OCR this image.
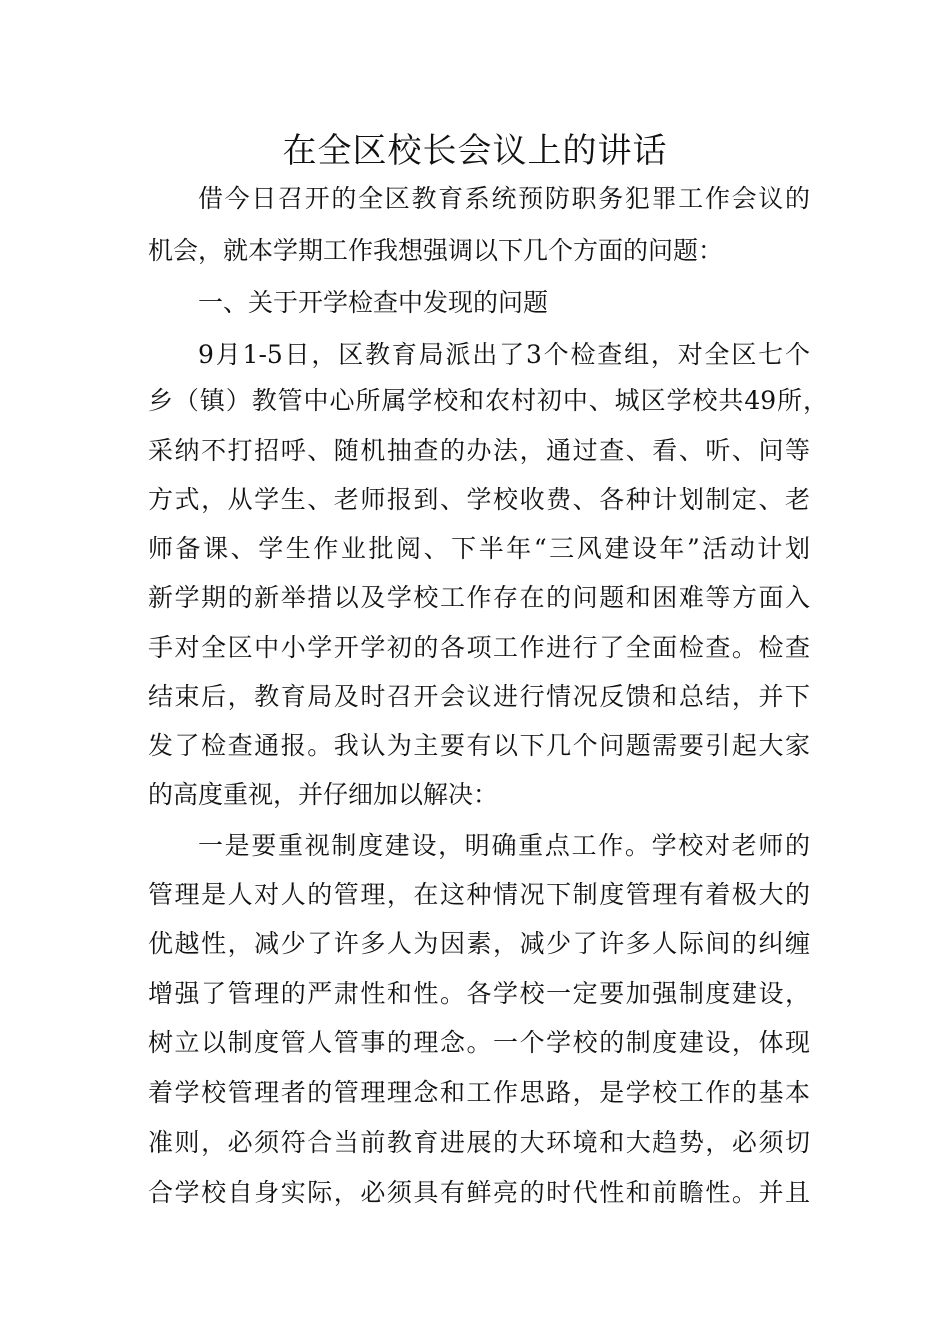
在全区校长会议上的讲话
借今日召开的全区教育系统预防职务犯罪工作会议的
机会，就本学期工作我想强调以下几个方面的问题：
一、关于开学检查中发现的问题
9月1-5日，区教育局派出了3个检查组，对全区七个
乡（镇）教管中心所属学校和农村初中、城区学校共49所，
采纳不打招呼、随机抽查的办法，通过查、看、听、问等
方式，从学生、老师报到、学校收费、各种计划制定、老
师备课、学生作业批阅、下半年“三风建设年”活动计划
新学期的新举措以及学校工作存在的问题和困难等方面入
手对全区中小学开学初的各项工作进行了全面检查。检查
结束后，教育局及时召开会议进行情况反馈和总结，并下
发了检查通报。我认为主要有以下几个问题需要引起大家
的高度重视，并仔细加以解决：
一是要重视制度建设，明确重点工作。学校对老师的
管理是人对人的管理，在这种情况下制度管理有着极大的
优越性，减少了许多人为因素，减少了许多人际间的纠缠
增强了管理的严肃性和性。各学校一定要加强制度建设，
树立以制度管人管事的理念。一个学校的制度建设，体现
着学校管理者的管理理念和工作思路，是学校工作的基本
准则，必须符合当前教育进展的大环境和大趋势，必须切
合学校自身实际，必须具有鲜亮的时代性和前瞻性。并且
